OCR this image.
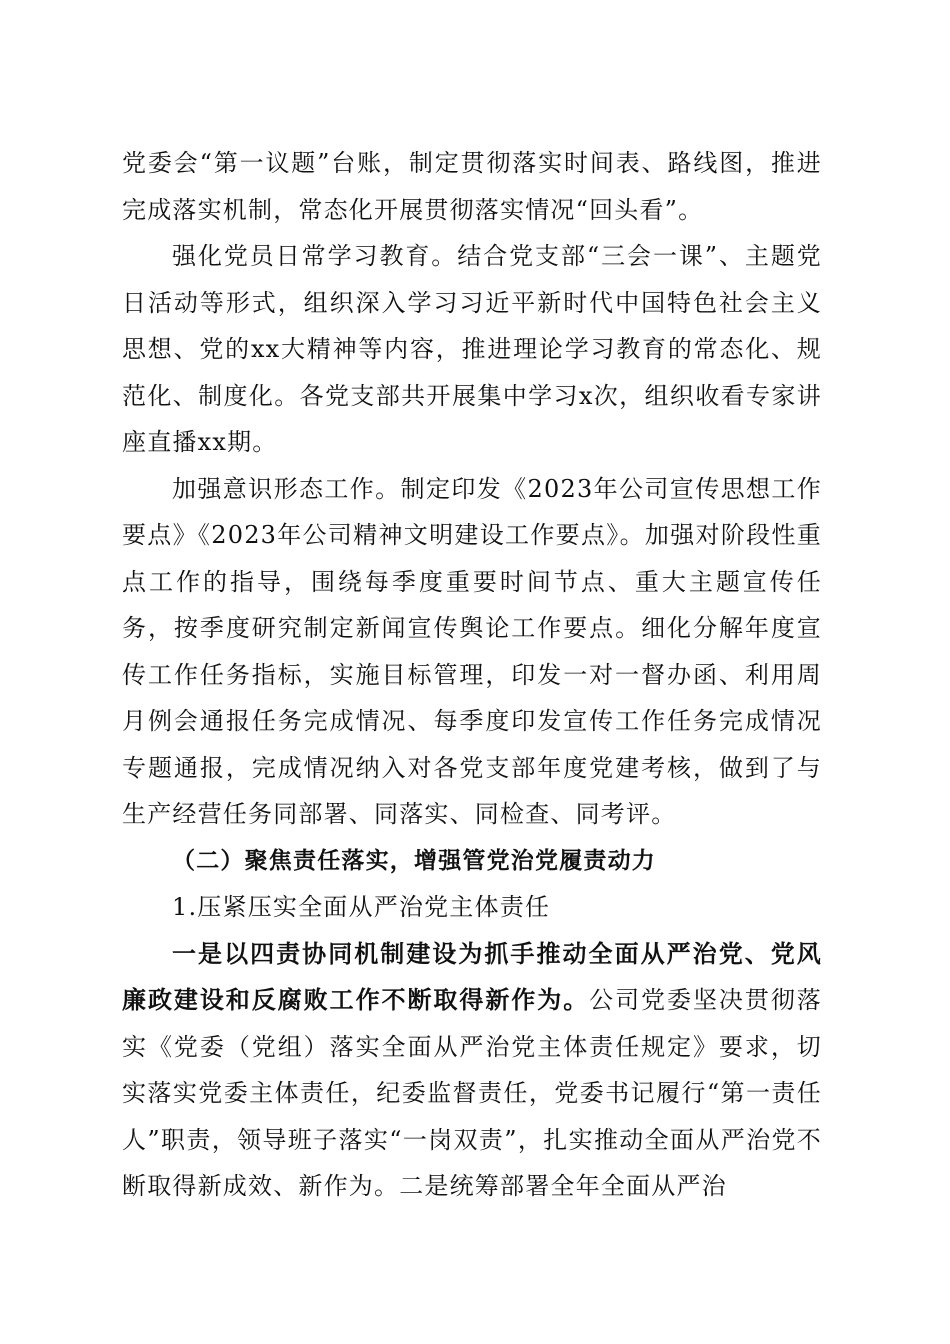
党委会“第一议题”台账，制定贯彻落实时间表、路线图，推进完成落实机制，常态化开展贯彻落实情况“回头看”。

强化党员日常学习教育。结合党支部“三会一课”、主题党日活动等形式，组织深入学习习近平新时代中国特色社会主义思想、党的xx大精神等内容，推进理论学习教育的常态化、规范化、制度化。各党支部共开展集中学习x次，组织收看专家讲座直播xx期。

加强意识形态工作。制定印发《2023年公司宣传思想工作要点》《2023年公司精神文明建设工作要点》。加强对阶段性重点工作的指导，围绕每季度重要时间节点、重大主题宣传任务，按季度研究制定新闻宣传舆论工作要点。细化分解年度宣传工作任务指标，实施目标管理，印发一对一督办函、利用周月例会通报任务完成情况、每季度印发宣传工作任务完成情况专题通报，完成情况纳入对各党支部年度党建考核，做到了与生产经营任务同部署、同落实、同检查、同考评。

（二）聚焦责任落实，增强管党治党履责动力

1.压紧压实全面从严治党主体责任

一是以四责协同机制建设为抓手推动全面从严治党、党风廉政建设和反腐败工作不断取得新作为。公司党委坚决贯彻落实《党委（党组）落实全面从严治党主体责任规定》要求，切实落实党委主体责任，纪委监督责任，党委书记履行“第一责任人”职责，领导班子落实“一岗双责”，扎实推动全面从严治党不断取得新成效、新作为。二是统筹部署全年全面从严治
